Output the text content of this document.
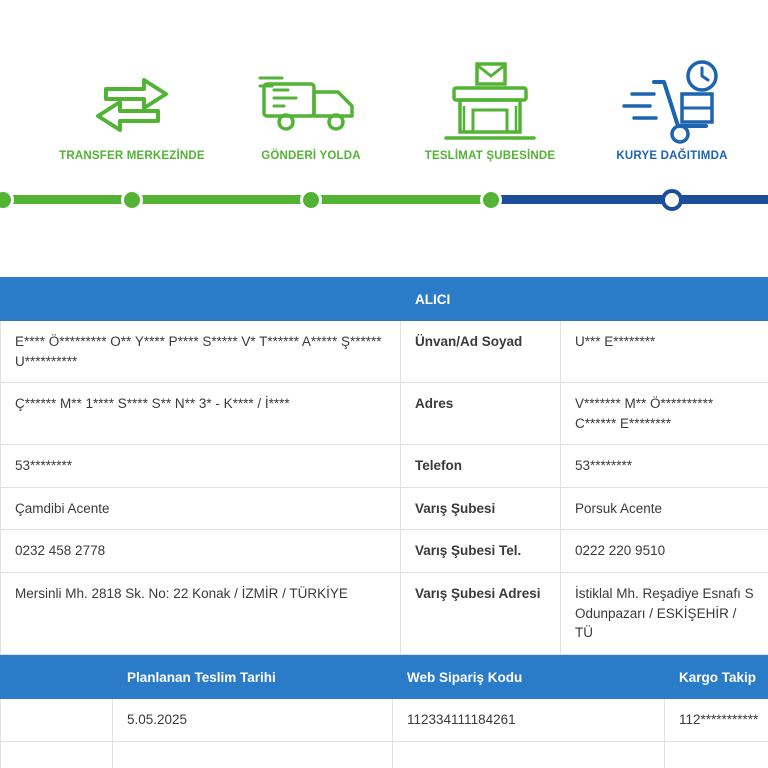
TRANSFER MERKEZİNDE	GÖNDERİ YOLDA	TESLİMAT ŞUBESİNDE	KURYE DAĞITIMDA
	ALICI	
E**** Ö********* O** Y**** P**** S***** V* T****** A***** Ş****** U**********	Ünvan/Ad Soyad	U*** E********
Ç****** M** 1**** S**** S** N** 3* - K**** / İ****	Adres	V******* M** Ö********** C****** E********
53********	Telefon	53********
Çamdibi Acente	Varış Şubesi	Porsuk Acente
0232 458 2778	Varış Şubesi Tel.	0222 220 9510
Mersinli Mh. 2818 Sk. No: 22 Konak / İZMİR / TÜRKİYE	Varış Şubesi Adresi	İstiklal Mh. Reşadiye Esnafı S Odunpazarı / ESKİŞEHİR / TÜ
	Planlanan Teslim Tarihi	Web Sipariş Kodu	Kargo Takip
	5.05.2025	112334111184261	112***********
